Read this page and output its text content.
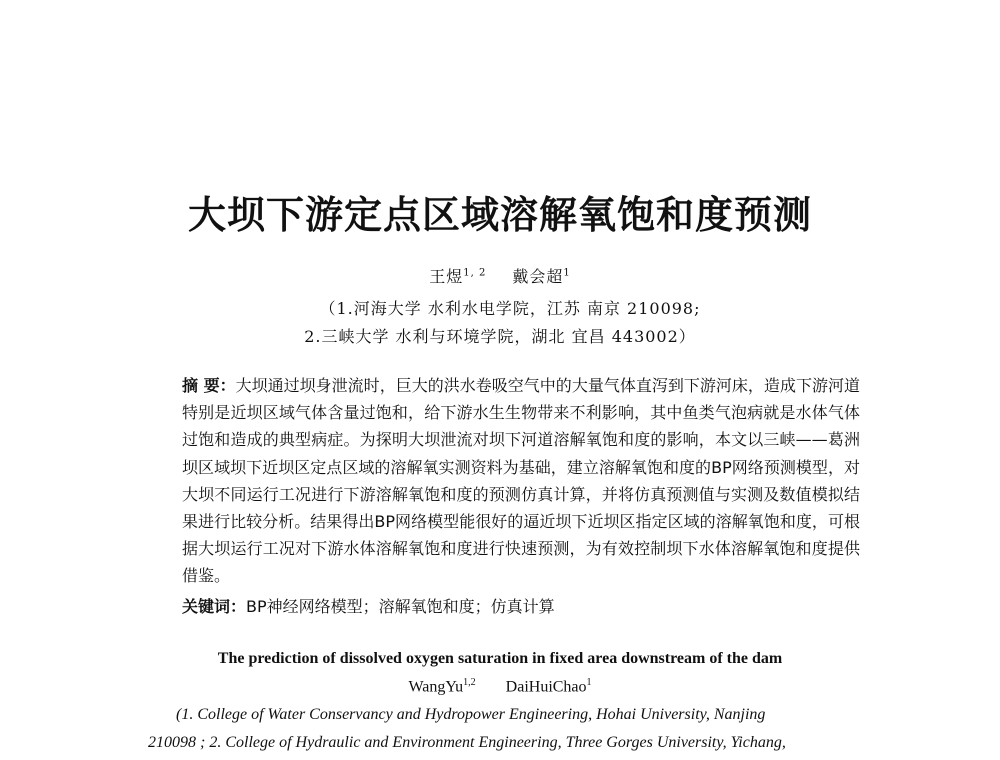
大坝下游定点区域溶解氧饱和度预测
王煜$^{1, 2}$ 戴会超$^1$
（1.河海大学 水利水电学院，江苏 南京 210098;
2.三峡大学 水利与环境学院，湖北 宜昌 443002）

摘 要：大坝通过坝身泄流时，巨大的洪水卷吸空气中的大量气体直泻到下游河床，造成下游河道特别是近坝区域气体含量过饱和，给下游水生生物带来不利影响，其中鱼类气泡病就是水体气体过饱和造成的典型病症。为探明大坝泄流对坝下河道溶解氧饱和度的影响，本文以三峡——葛洲坝区域坝下近坝区定点区域的溶解氧实测资料为基础，建立溶解氧饱和度的BP网络预测模型，对大坝不同运行工况进行下游溶解氧饱和度的预测仿真计算，并将仿真预测值与实测及数值模拟结果进行比较分析。结果得出BP网络模型能很好的逼近坝下近坝区指定区域的溶解氧饱和度，可根据大坝运行工况对下游水体溶解氧饱和度进行快速预测，为有效控制坝下水体溶解氧饱和度提供借鉴。

关键词：BP神经网络模型；溶解氧饱和度；仿真计算
The prediction of dissolved oxygen saturation in fixed area downstream of the dam
WangYu$^{1,2}$ DaiHuiChao$^1$
(1. College of Water Conservancy and Hydropower Engineering, Hohai University, Nanjing
210098 ; 2. College of Hydraulic and Environment Engineering, Three Gorges University, Yichang,
